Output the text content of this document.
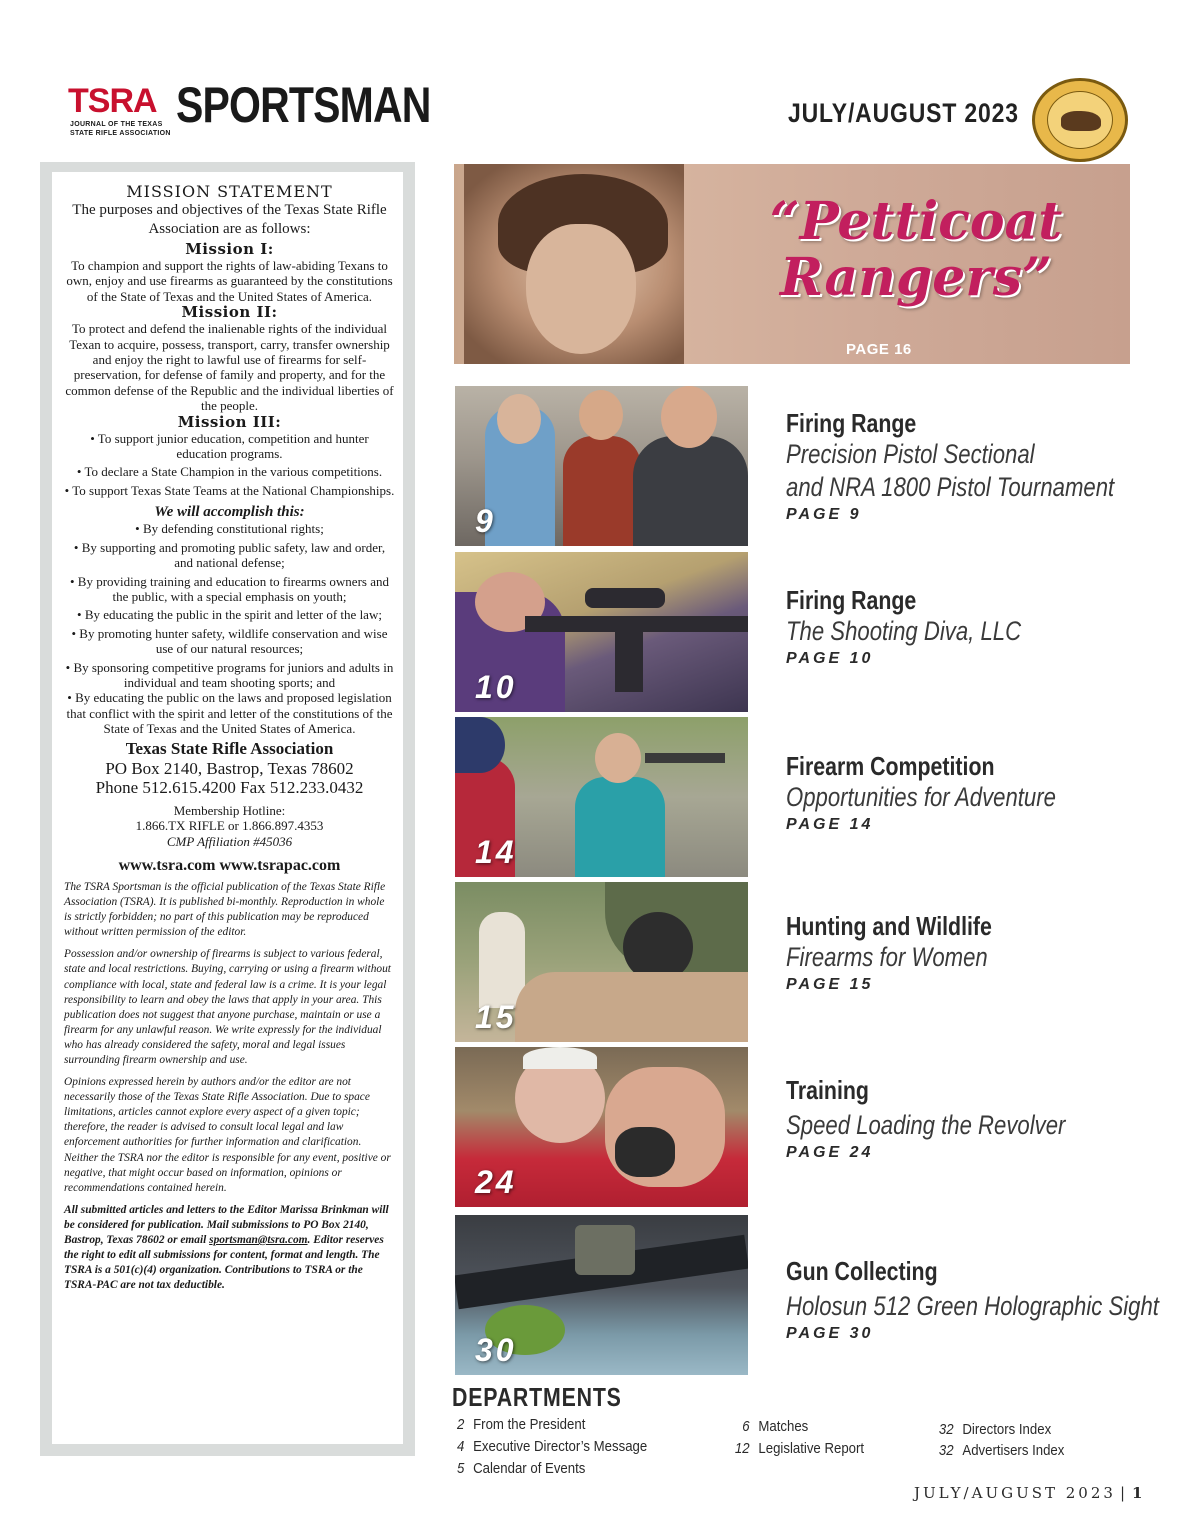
TSRA
JOURNAL OF THE TEXAS STATE RIFLE ASSOCIATION
SPORTSMAN	JULY/AUGUST 2023
MISSION STATEMENT
The purposes and objectives of the Texas State Rifle Association are as follows:
Mission I:
To champion and support the rights of law-abiding Texans to own, enjoy and use firearms as guaranteed by the constitutions of the State of Texas and the United States of America.
Mission II:
To protect and defend the inalienable rights of the individual Texan to acquire, possess, transport, carry, transfer ownership and enjoy the right to lawful use of firearms for self-preservation, for defense of family and property, and for the common defense of the Republic and the individual liberties of the people.
Mission III:
• To support junior education, competition and hunter education programs.
• To declare a State Champion in the various competitions.
• To support Texas State Teams at the National Championships.
We will accomplish this:
• By defending constitutional rights;
• By supporting and promoting public safety, law and order, and national defense;
• By providing training and education to firearms owners and the public, with a special emphasis on youth;
• By educating the public in the spirit and letter of the law;
• By promoting hunter safety, wildlife conservation and wise use of our natural resources;
• By sponsoring competitive programs for juniors and adults in individual and team shooting sports; and
• By educating the public on the laws and proposed legislation that conflict with the spirit and letter of the constitutions of the State of Texas and the United States of America.
Texas State Rifle Association
PO Box 2140, Bastrop, Texas 78602
Phone 512.615.4200 Fax 512.233.0432
Membership Hotline:
1.866.TX RIFLE or 1.866.897.4353
CMP Affiliation #45036
www.tsra.com www.tsrapac.com
The TSRA Sportsman is the official publication of the Texas State Rifle Association (TSRA). It is published bi-monthly. Reproduction in whole is strictly forbidden; no part of this publication may be reproduced without written permission of the editor.
Possession and/or ownership of firearms is subject to various federal, state and local restrictions. Buying, carrying or using a firearm without compliance with local, state and federal law is a crime. It is your legal responsibility to learn and obey the laws that apply in your area. This publication does not suggest that anyone purchase, maintain or use a firearm for any unlawful reason. We write expressly for the individual who has already considered the safety, moral and legal issues surrounding firearm ownership and use.
Opinions expressed herein by authors and/or the editor are not necessarily those of the Texas State Rifle Association. Due to space limitations, articles cannot explore every aspect of a given topic; therefore, the reader is advised to consult local legal and law enforcement authorities for further information and clarification. Neither the TSRA nor the editor is responsible for any event, positive or negative, that might occur based on information, opinions or recommendations contained herein.
All submitted articles and letters to the Editor Marissa Brinkman will be considered for publication. Mail submissions to PO Box 2140, Bastrop, Texas 78602 or email sportsman@tsra.com. Editor reserves the right to edit all submissions for content, format and length. The TSRA is a 501(c)(4) organization. Contributions to TSRA or the TSRA-PAC are not tax deductible.
“Petticoat
Rangers”
PAGE 16
9
10
14
15
24
30
Firing Range
Precision Pistol Sectional
and NRA 1800 Pistol Tournament
PAGE 9
Firing Range
The Shooting Diva, LLC
PAGE 10
Firearm Competition
Opportunities for Adventure
PAGE 14
Hunting and Wildlife
Firearms for Women
PAGE 15
Training
Speed Loading the Revolver
PAGE 24
Gun Collecting
Holosun 512 Green Holographic Sight
PAGE 30
DEPARTMENTS
2 From the President
4 Executive Director’s Message
5 Calendar of Events
6 Matches
12 Legislative Report
32 Directors Index
32 Advertisers Index
JULY/AUGUST 2023 | 1
